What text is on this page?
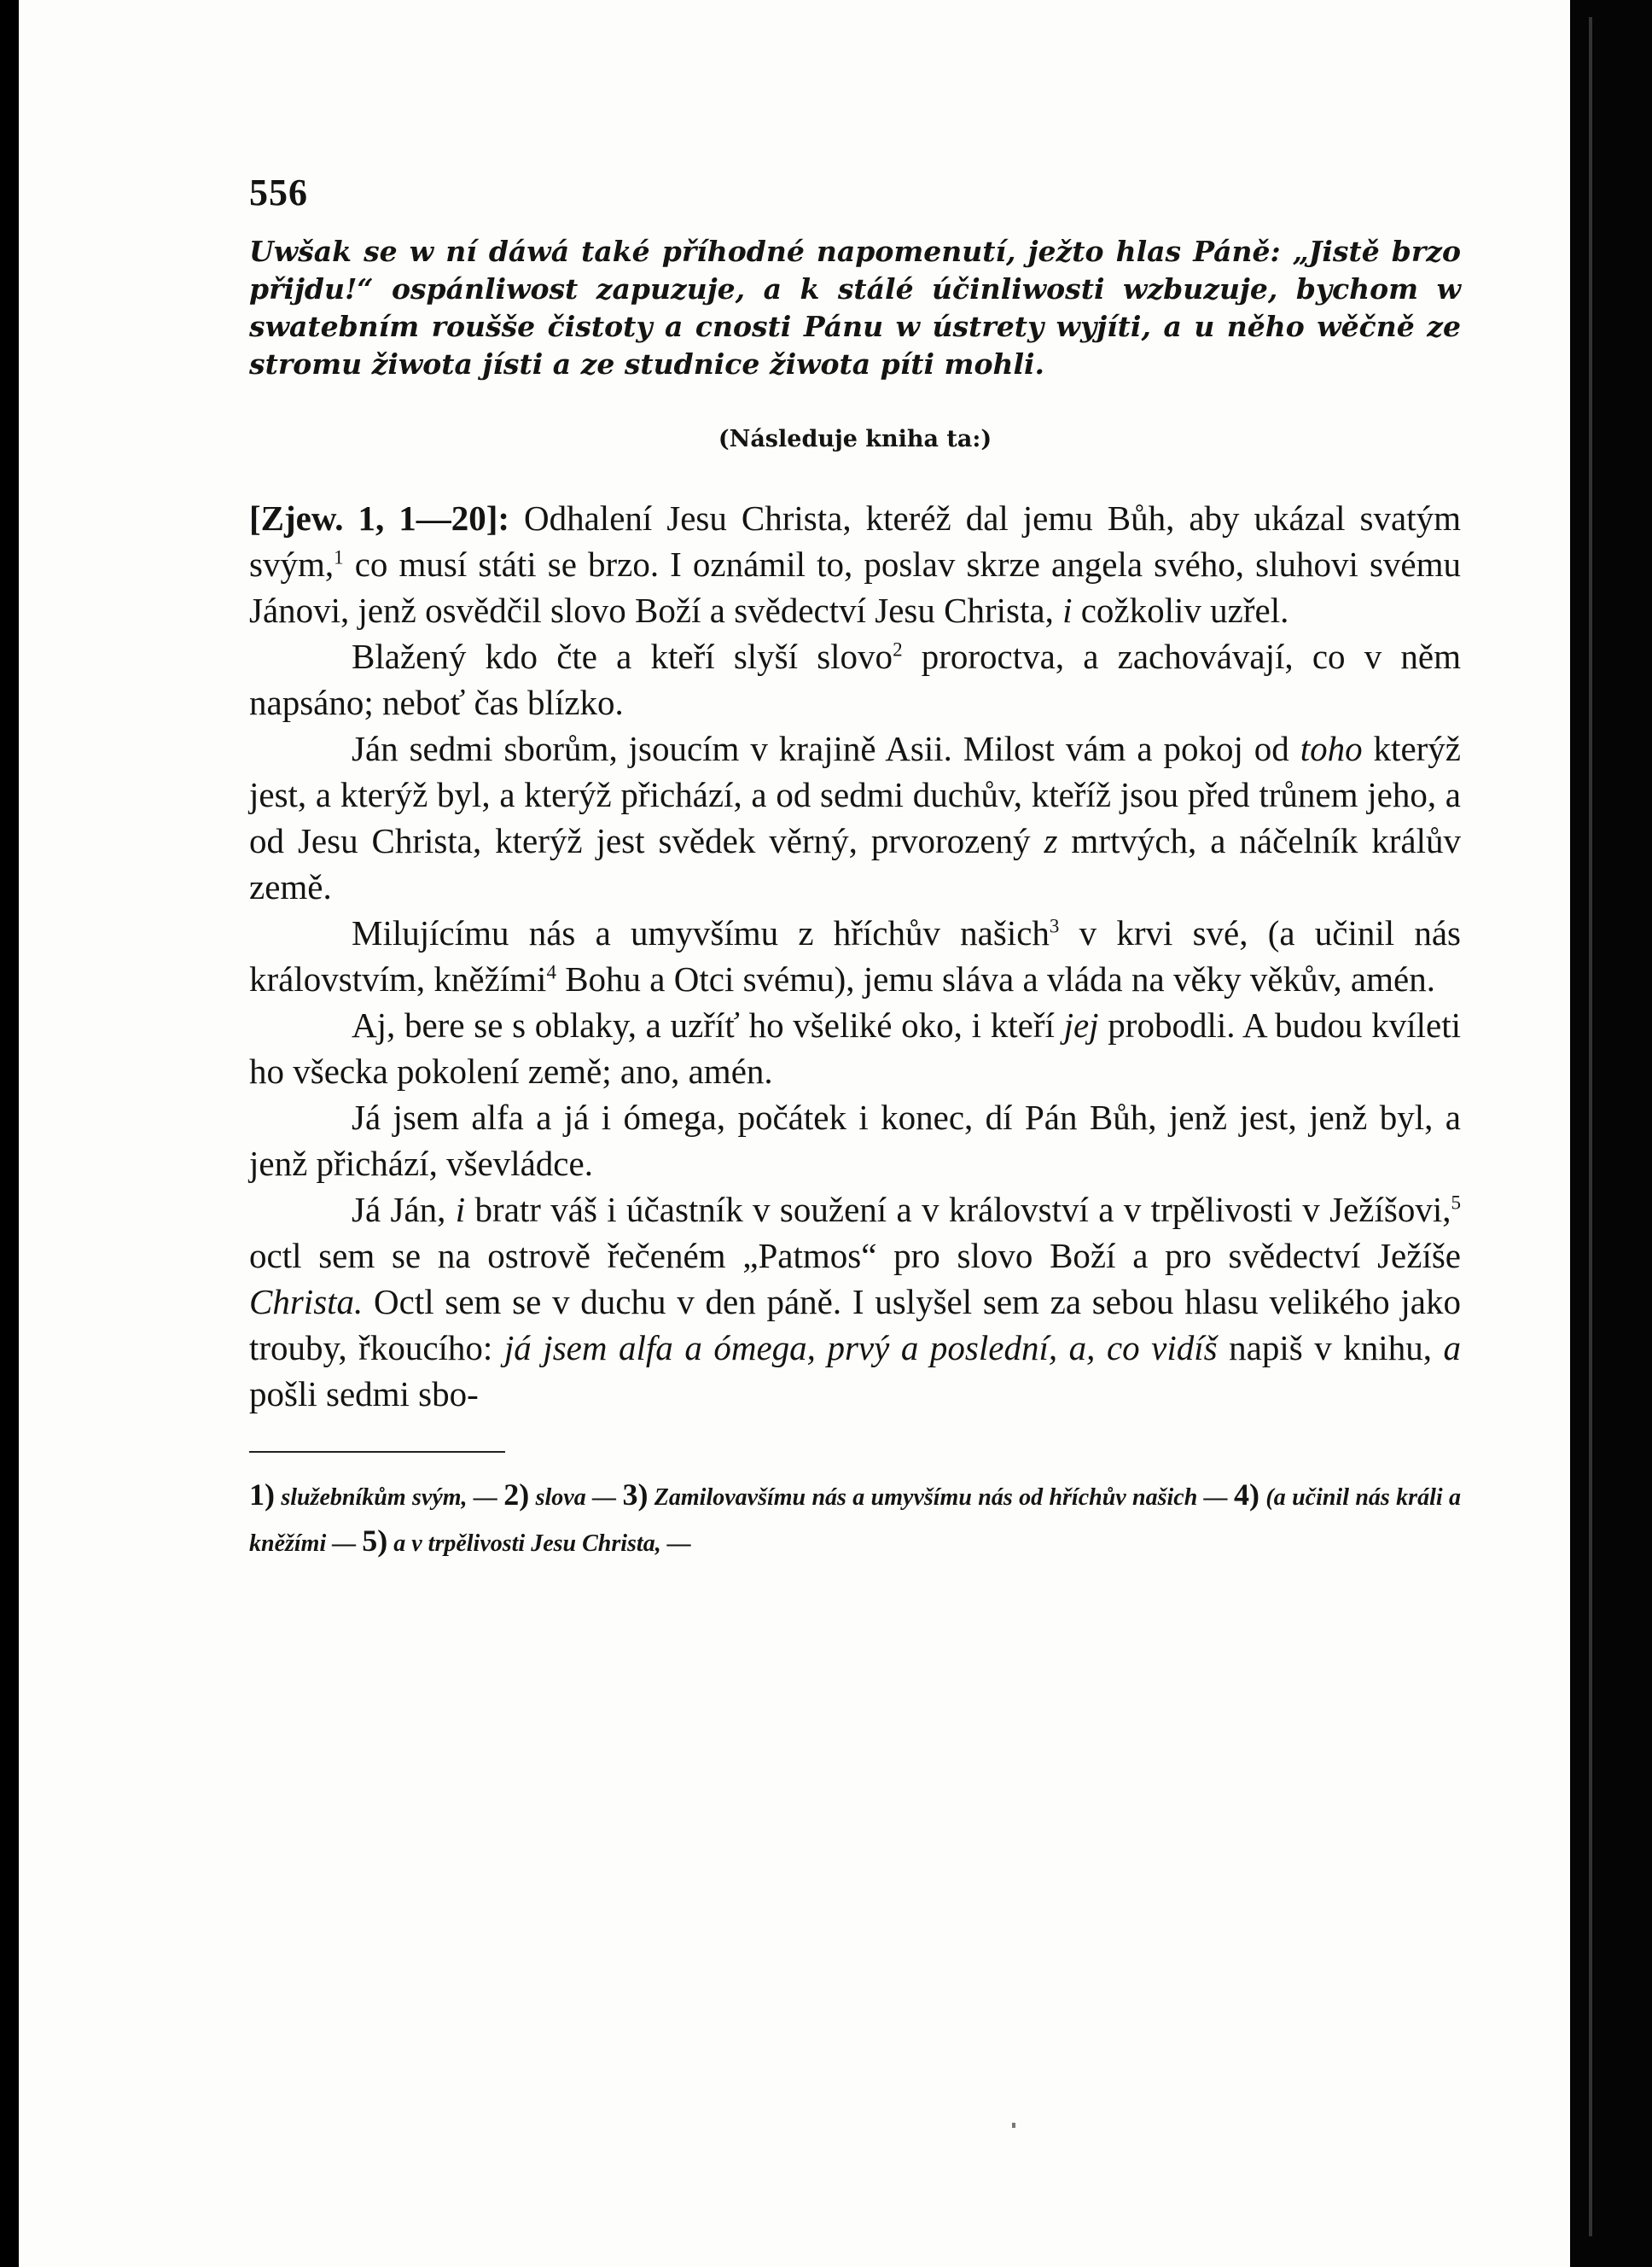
556

Uwšak se w ní dáwá také příhodné napomenutí, ježto hlas Páně: „Jistě brzo přijdu!“ ospánliwost zapuzuje, a k stálé účinliwosti wzbuzuje, bychom w swatebním roušše čistoty a cnosti Pánu w ústrety wyjíti, a u něho wěčně ze stromu žiwota jísti a ze studnice žiwota píti mohli.

(Následuje kniha ta:)

[Zjew. 1, 1—20]: Odhalení Jesu Christa, kteréž dal jemu Bůh, aby ukázal svatým svým,$^1$ co musí státi se brzo. I oznámil to, poslav skrze angela svého, sluhovi svému Jánovi, jenž osvědčil slovo Boží a svědectví Jesu Christa, i cožkoliv uzřel.

Blažený kdo čte a kteří slyší slovo$^2$ proroctva, a zachovávají, co v něm napsáno; neboť čas blízko.

Ján sedmi sborům, jsoucím v krajině Asii. Milost vám a pokoj od toho kterýž jest, a kterýž byl, a kterýž přichází, a od sedmi duchův, kteříž jsou před trůnem jeho, a od Jesu Christa, kterýž jest svědek věrný, prvorozený z mrtvých, a náčelník králův země.

Milujícímu nás a umyvšímu z hříchův našich$^3$ v krvi své, (a učinil nás královstvím, kněžími$^4$ Bohu a Otci svému), jemu sláva a vláda na věky věkův, amén.

Aj, bere se s oblaky, a uzříť ho všeliké oko, i kteří jej probodli. A budou kvíleti ho všecka pokolení země; ano, amén.

Já jsem alfa a já i ómega, počátek i konec, dí Pán Bůh, jenž jest, jenž byl, a jenž přichází, vševládce.

Já Ján, i bratr váš i účastník v soužení a v království a v trpělivosti v Ježíšovi,$^5$ octl sem se na ostrově řečeném „Patmos“ pro slovo Boží a pro svědectví Ježíše Christa. Octl sem se v duchu v den páně. I uslyšel sem za sebou hlasu velikého jako trouby, řkoucího: já jsem alfa a ómega, prvý a poslední, a, co vidíš napiš v knihu, a pošli sedmi sbo-

1) služebníkům svým, — 2) slova — 3) Zamilovavšímu nás a umyvšímu nás od hříchův našich — 4) (a učinil nás králi a kněžími — 5) a v trpělivosti Jesu Christa, —
